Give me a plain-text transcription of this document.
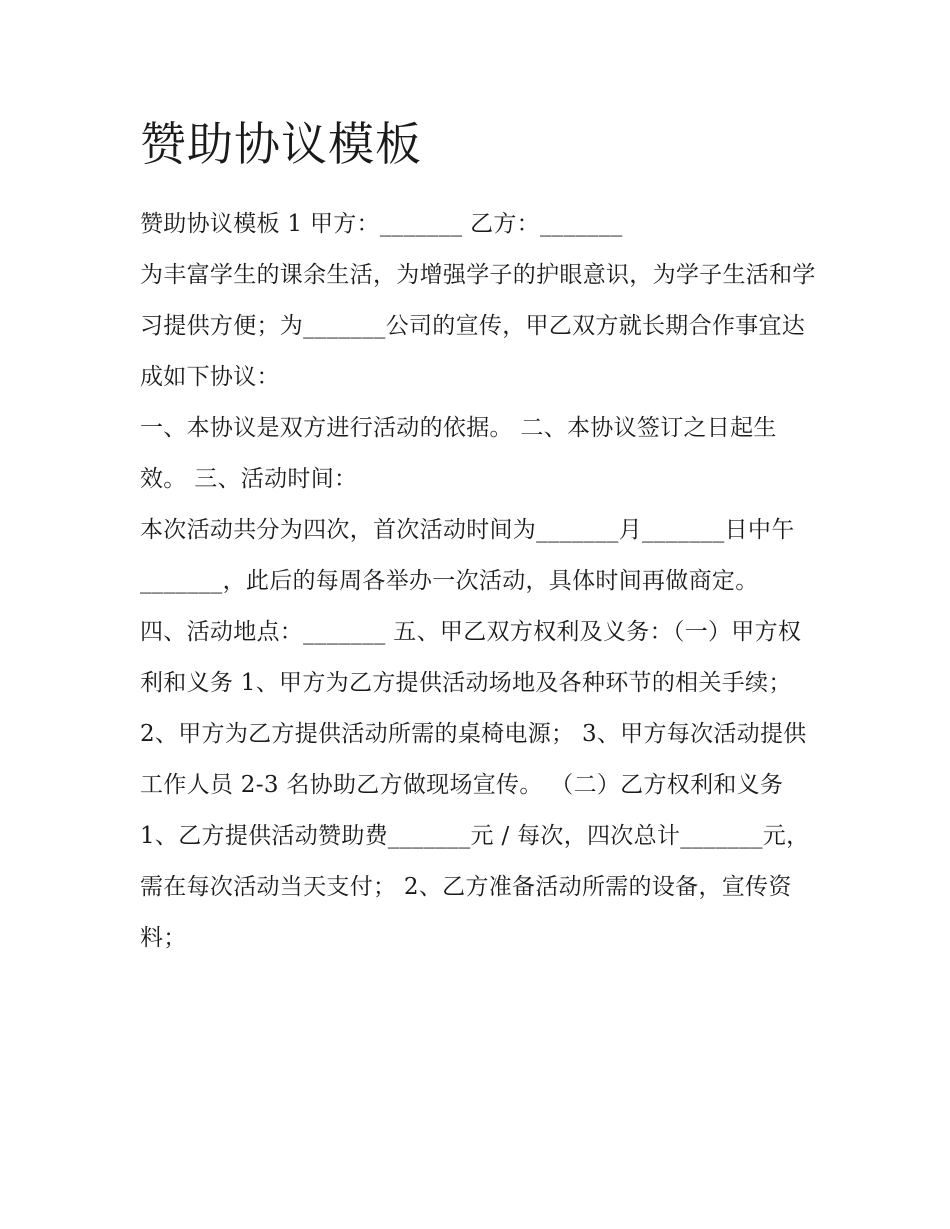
赞助协议模板

赞助协议模板 1 甲方：_______ 乙方：_______

为丰富学生的课余生活，为增强学子的护眼意识，为学子生活和学习提供方便；为_______公司的宣传，甲乙双方就长期合作事宜达成如下协议：

一、本协议是双方进行活动的依据。 二、本协议签订之日起生效。 三、活动时间：

本次活动共分为四次，首次活动时间为_______月_______日中午_______，此后的每周各举办一次活动，具体时间再做商定。

四、活动地点：_______ 五、甲乙双方权利及义务：（一）甲方权利和义务 1、甲方为乙方提供活动场地及各种环节的相关手续；

2、甲方为乙方提供活动所需的桌椅电源； 3、甲方每次活动提供工作人员 2-3 名协助乙方做现场宣传。 （二）乙方权利和义务

1、乙方提供活动赞助费_______元 / 每次，四次总计_______元，需在每次活动当天支付； 2、乙方准备活动所需的设备，宣传资料；
